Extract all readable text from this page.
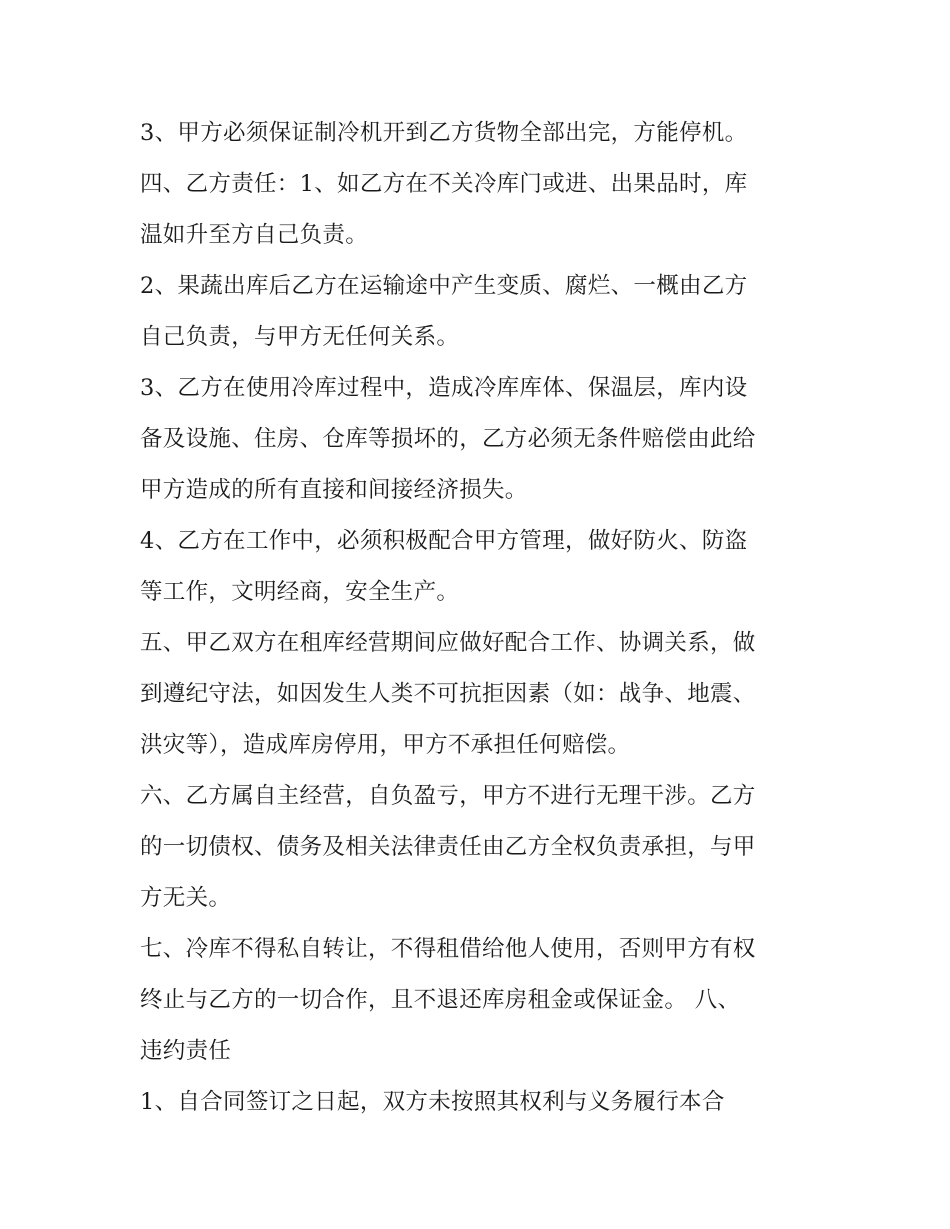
3、甲方必须保证制冷机开到乙方货物全部出完，方能停机。
四、乙方责任：1、如乙方在不关冷库门或进、出果品时，库
温如升至方自己负责。
2、果蔬出库后乙方在运输途中产生变质、腐烂、一概由乙方
自己负责，与甲方无任何关系。
3、乙方在使用冷库过程中，造成冷库库体、保温层，库内设
备及设施、住房、仓库等损坏的，乙方必须无条件赔偿由此给
甲方造成的所有直接和间接经济损失。
4、乙方在工作中，必须积极配合甲方管理，做好防火、防盗
等工作，文明经商，安全生产。
五、甲乙双方在租库经营期间应做好配合工作、协调关系，做
到遵纪守法，如因发生人类不可抗拒因素（如：战争、地震、
洪灾等），造成库房停用，甲方不承担任何赔偿。
六、乙方属自主经营，自负盈亏，甲方不进行无理干涉。乙方
的一切债权、债务及相关法律责任由乙方全权负责承担，与甲
方无关。
七、冷库不得私自转让，不得租借给他人使用，否则甲方有权
终止与乙方的一切合作，且不退还库房租金或保证金。 八、
违约责任
1、自合同签订之日起，双方未按照其权利与义务履行本合
